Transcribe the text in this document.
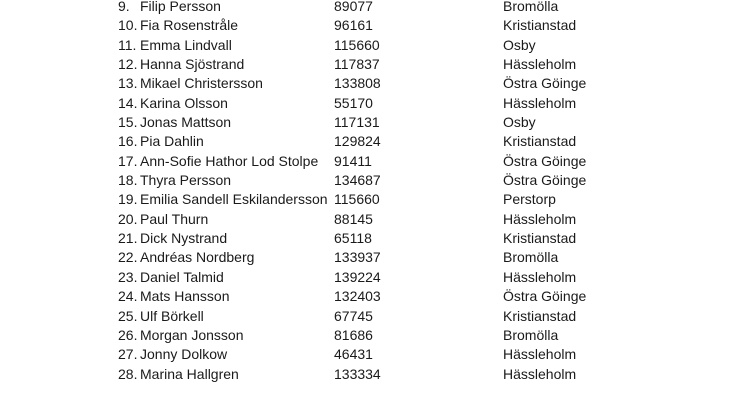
9. Filip Persson	89077	Bromölla
10. Fia Rosenstråle	96161	Kristianstad
11. Emma Lindvall	115660	Osby
12. Hanna Sjöstrand	117837	Hässleholm
13. Mikael Christersson	133808	Östra Göinge
14. Karina Olsson	55170	Hässleholm
15. Jonas Mattson	117131	Osby
16. Pia Dahlin	129824	Kristianstad
17. Ann-Sofie Hathor Lod Stolpe 91411	Östra Göinge
18. Thyra Persson	134687	Östra Göinge
19. Emilia Sandell Eskilandersson 115660	Perstorp
20. Paul Thurn	88145	Hässleholm
21. Dick Nystrand	65118	Kristianstad
22. Andréas Nordberg	133937	Bromölla
23. Daniel Talmid	139224	Hässleholm
24. Mats Hansson	132403	Östra Göinge
25. Ulf Börkell	67745	Kristianstad
26. Morgan Jonsson	81686	Bromölla
27. Jonny Dolkow	46431	Hässleholm
28. Marina Hallgren	133334	Hässleholm
